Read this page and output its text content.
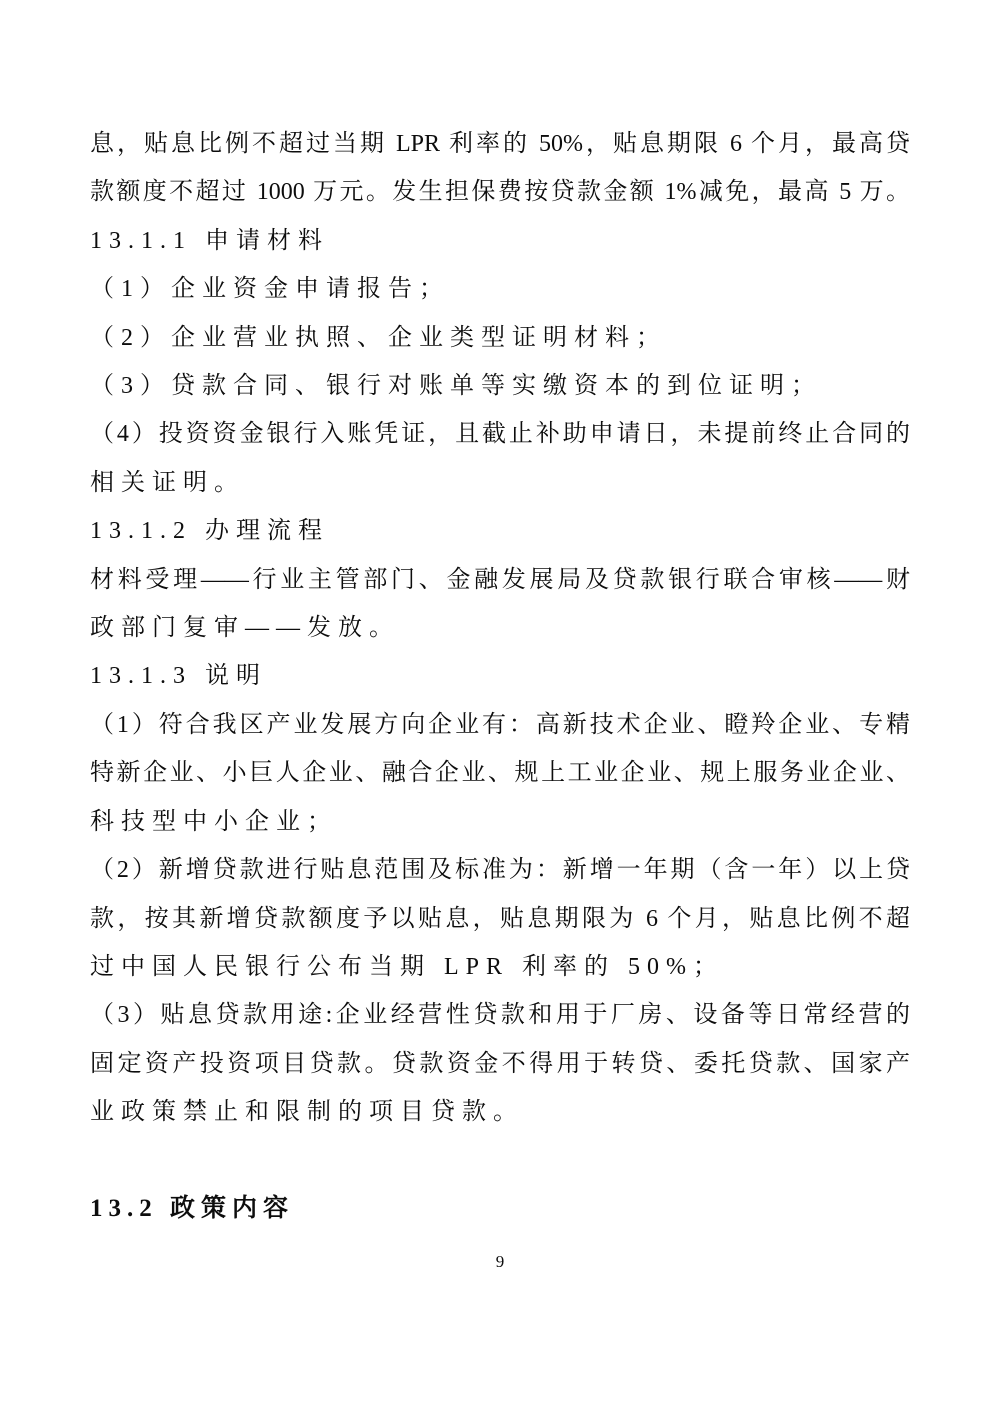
息，贴息比例不超过当期 LPR 利率的 50%，贴息期限 6 个月，最高贷
款额度不超过 1000 万元。发生担保费按贷款金额 1%减免，最高 5 万。
13.1.1 申请材料
（1）企业资金申请报告；
（2）企业营业执照、企业类型证明材料；
（3）贷款合同、银行对账单等实缴资本的到位证明；
（4）投资资金银行入账凭证，且截止补助申请日，未提前终止合同的
相关证明。
13.1.2 办理流程
材料受理——行业主管部门、金融发展局及贷款银行联合审核——财
政部门复审——发放。
13.1.3 说明
（1）符合我区产业发展方向企业有：高新技术企业、瞪羚企业、专精
特新企业、小巨人企业、融合企业、规上工业企业、规上服务业企业、
科技型中小企业；
（2）新增贷款进行贴息范围及标准为：新增一年期（含一年）以上贷
款，按其新增贷款额度予以贴息，贴息期限为 6 个月，贴息比例不超
过中国人民银行公布当期 LPR 利率的 50%；
（3）贴息贷款用途:企业经营性贷款和用于厂房、设备等日常经营的
固定资产投资项目贷款。贷款资金不得用于转贷、委托贷款、国家产
业政策禁止和限制的项目贷款。
13.2 政策内容
9
